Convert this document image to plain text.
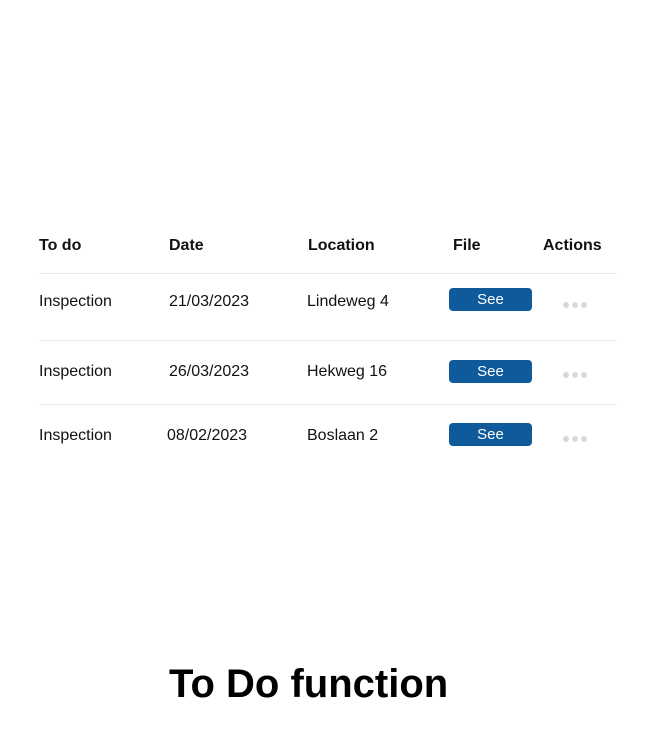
To do	Date	Location	File	Actions
Inspection	21/03/2023	Lindeweg 4	See
Inspection	26/03/2023	Hekweg 16	See
Inspection	08/02/2023	Boslaan 2	See
To Do function
